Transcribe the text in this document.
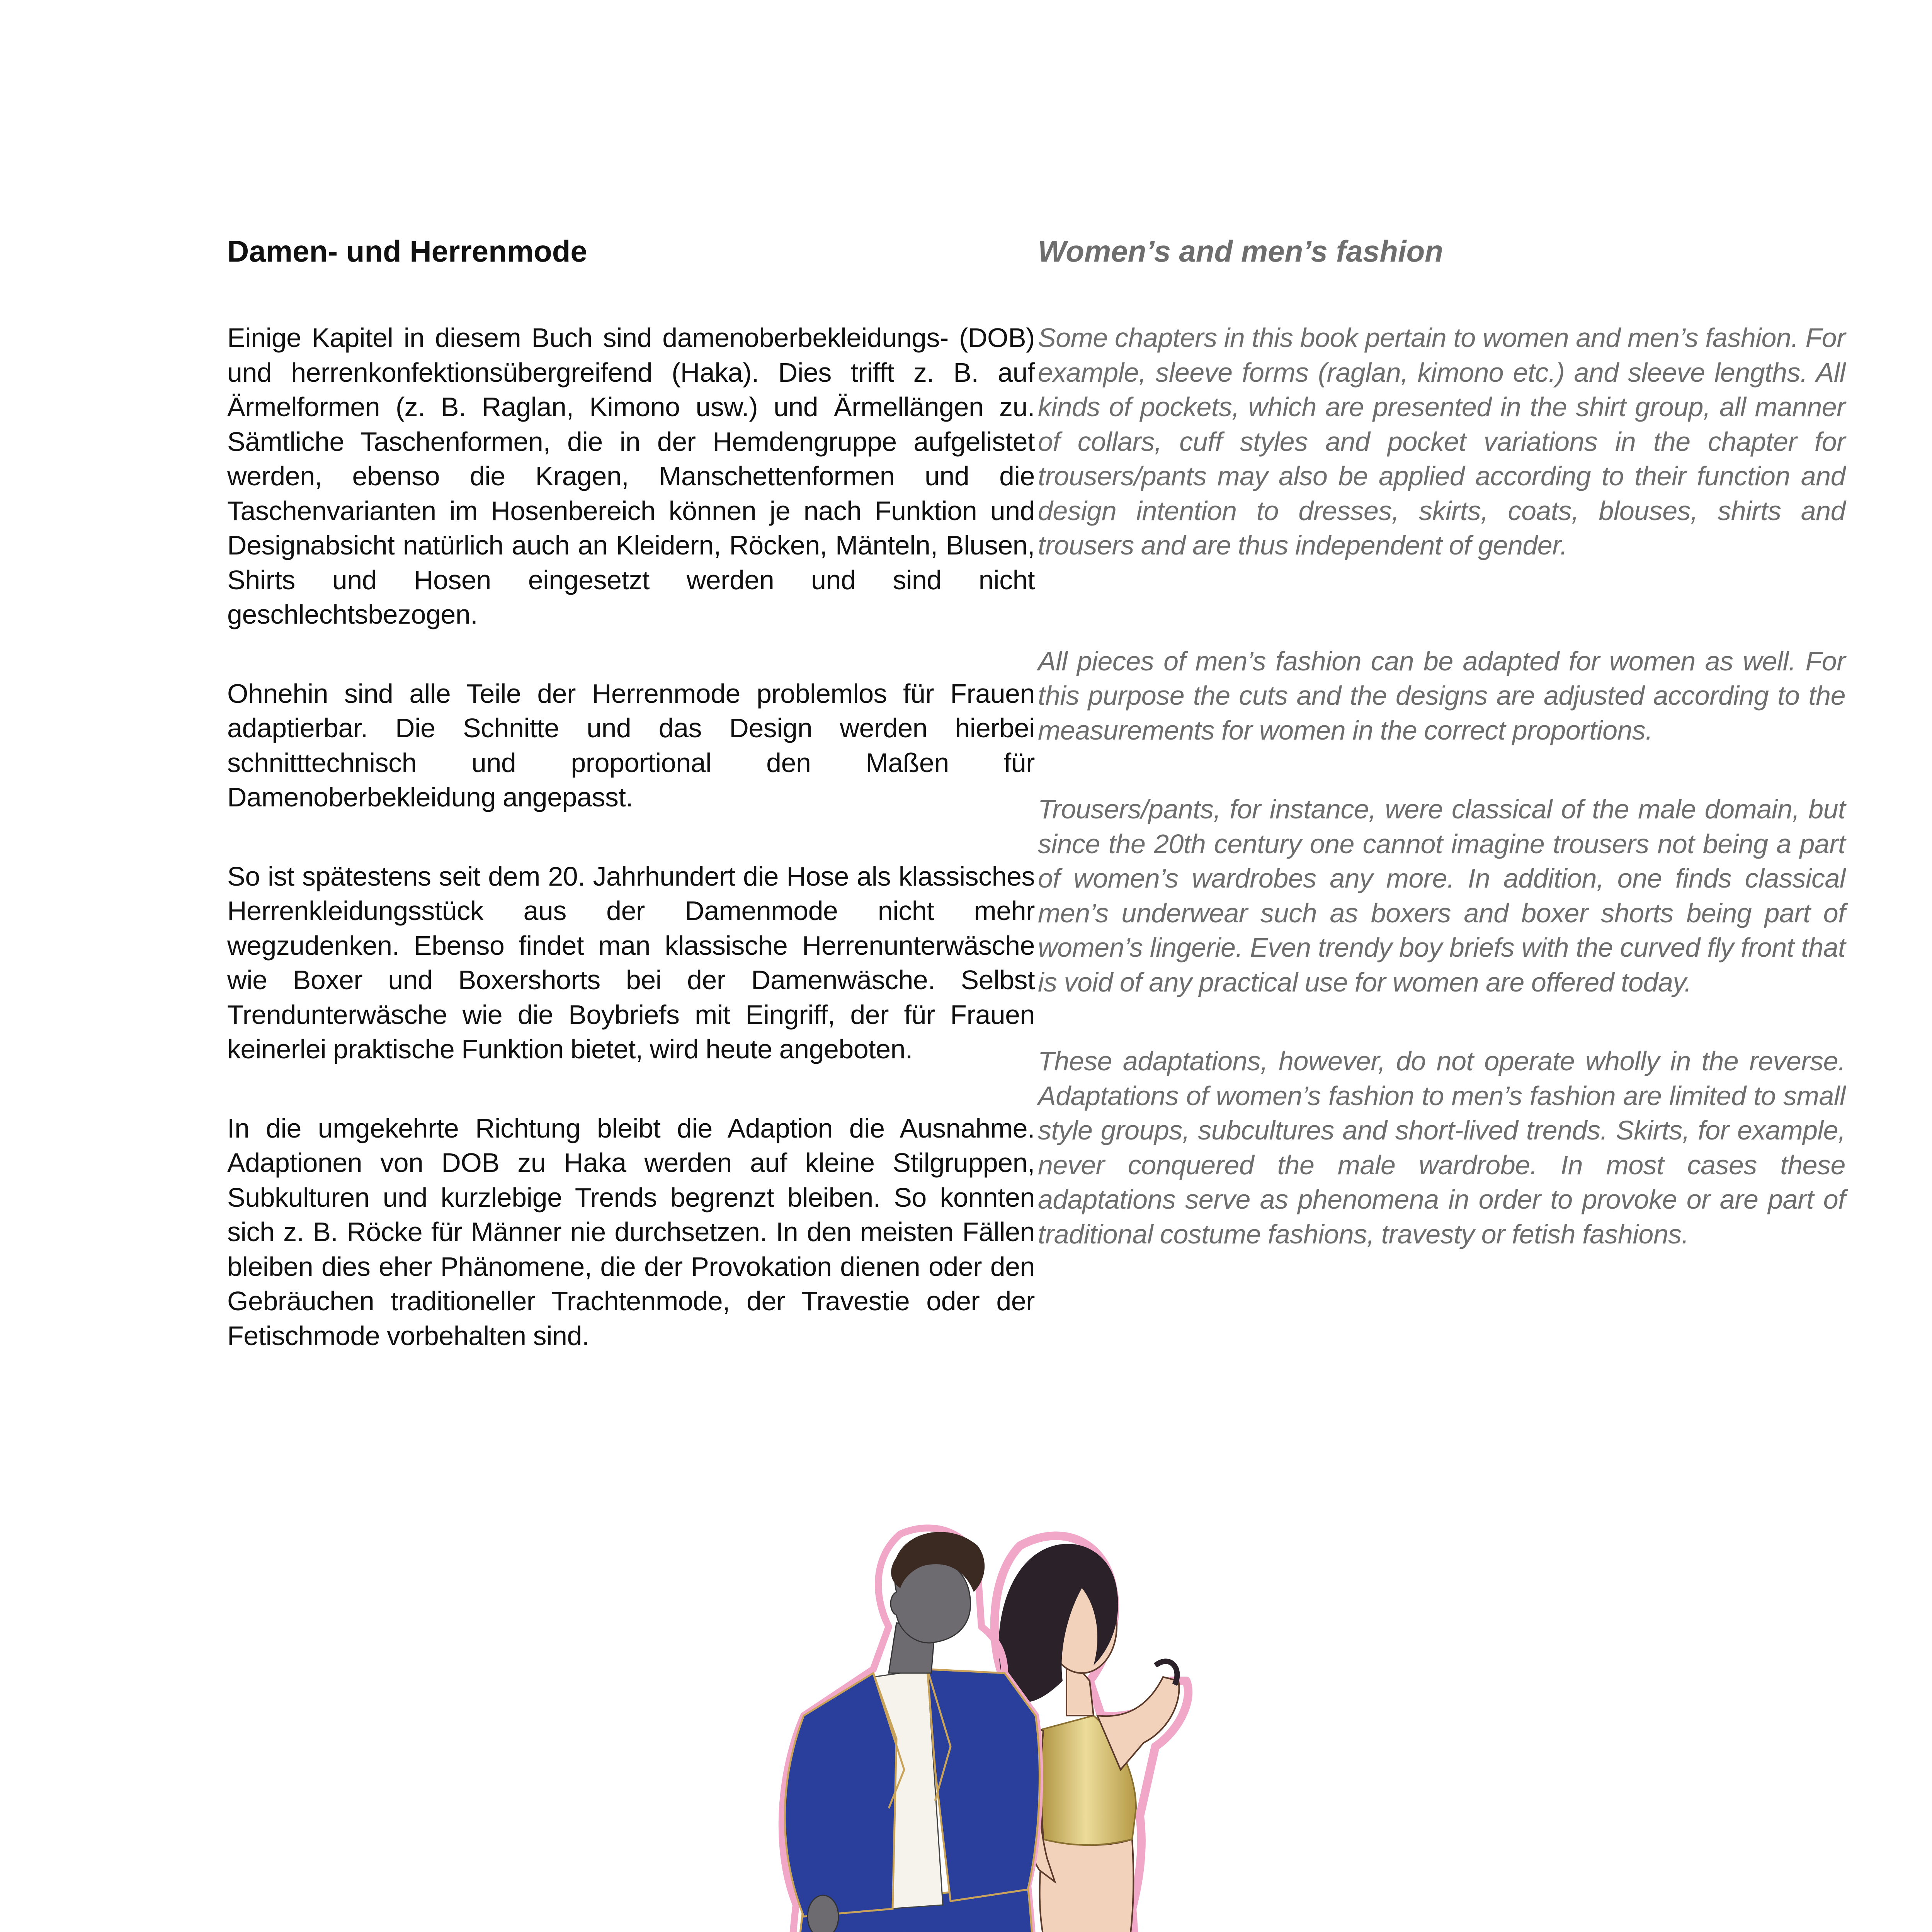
Damen- und Herrenmode

Einige Kapitel in diesem Buch sind damenoberbekleidungs- (DOB) und herrenkonfektionsübergreifend (Haka). Dies trifft z. B. auf Ärmelformen (z. B. Raglan, Kimono usw.) und Ärmellängen zu. Sämtliche Taschenformen, die in der Hemdengruppe aufgelistet werden, ebenso die Kragen, Manschettenformen und die Taschenvarianten im Hosenbereich können je nach Funktion und Designabsicht natürlich auch an Kleidern, Röcken, Mänteln, Blusen, Shirts und Hosen eingesetzt werden und sind nicht geschlechtsbezogen.

Ohnehin sind alle Teile der Herrenmode problemlos für Frauen adaptierbar. Die Schnitte und das Design werden hierbei schnitttechnisch und proportional den Maßen für Damenoberbekleidung angepasst.

So ist spätestens seit dem 20. Jahrhundert die Hose als klassisches Herrenkleidungsstück aus der Damenmode nicht mehr wegzudenken. Ebenso findet man klassische Herrenunterwäsche wie Boxer und Boxershorts bei der Damenwäsche. Selbst Trendunterwäsche wie die Boybriefs mit Eingriff, der für Frauen keinerlei praktische Funktion bietet, wird heute angeboten.

In die umgekehrte Richtung bleibt die Adaption die Ausnahme. Adaptionen von DOB zu Haka werden auf kleine Stilgruppen, Subkulturen und kurzlebige Trends begrenzt bleiben. So konnten sich z. B. Röcke für Männer nie durchsetzen. In den meisten Fällen bleiben dies eher Phänomene, die der Provokation dienen oder den Gebräuchen traditioneller Trachtenmode, der Travestie oder der Fetischmode vorbehalten sind.

Women’s and men’s fashion

Some chapters in this book pertain to women and men’s fashion. For example, sleeve forms (raglan, kimono etc.) and sleeve lengths. All kinds of pockets, which are presented in the shirt group, all manner of collars, cuff styles and pocket variations in the chapter for trousers/pants may also be applied according to their function and design intention to dresses, skirts, coats, blouses, shirts and trousers and are thus independent of gender.

All pieces of men’s fashion can be adapted for women as well. For this purpose the cuts and the designs are adjusted according to the measurements for women in the correct proportions.

Trousers/pants, for instance, were classical of the male domain, but since the 20th century one cannot imagine trousers not being a part of women’s wardrobes any more. In addition, one finds classical men’s underwear such as boxers and boxer shorts being part of women’s lingerie. Even trendy boy briefs with the curved fly front that is void of any practical use for women are offered today.

These adaptations, however, do not operate wholly in the reverse. Adaptations of women’s fashion to men’s fashion are limited to small style groups, subcultures and short-lived trends. Skirts, for example, never conquered the male wardrobe. In most cases these adaptations serve as phenomena in order to provoke or are part of traditional costume fashions, travesty or fetish fashions.
